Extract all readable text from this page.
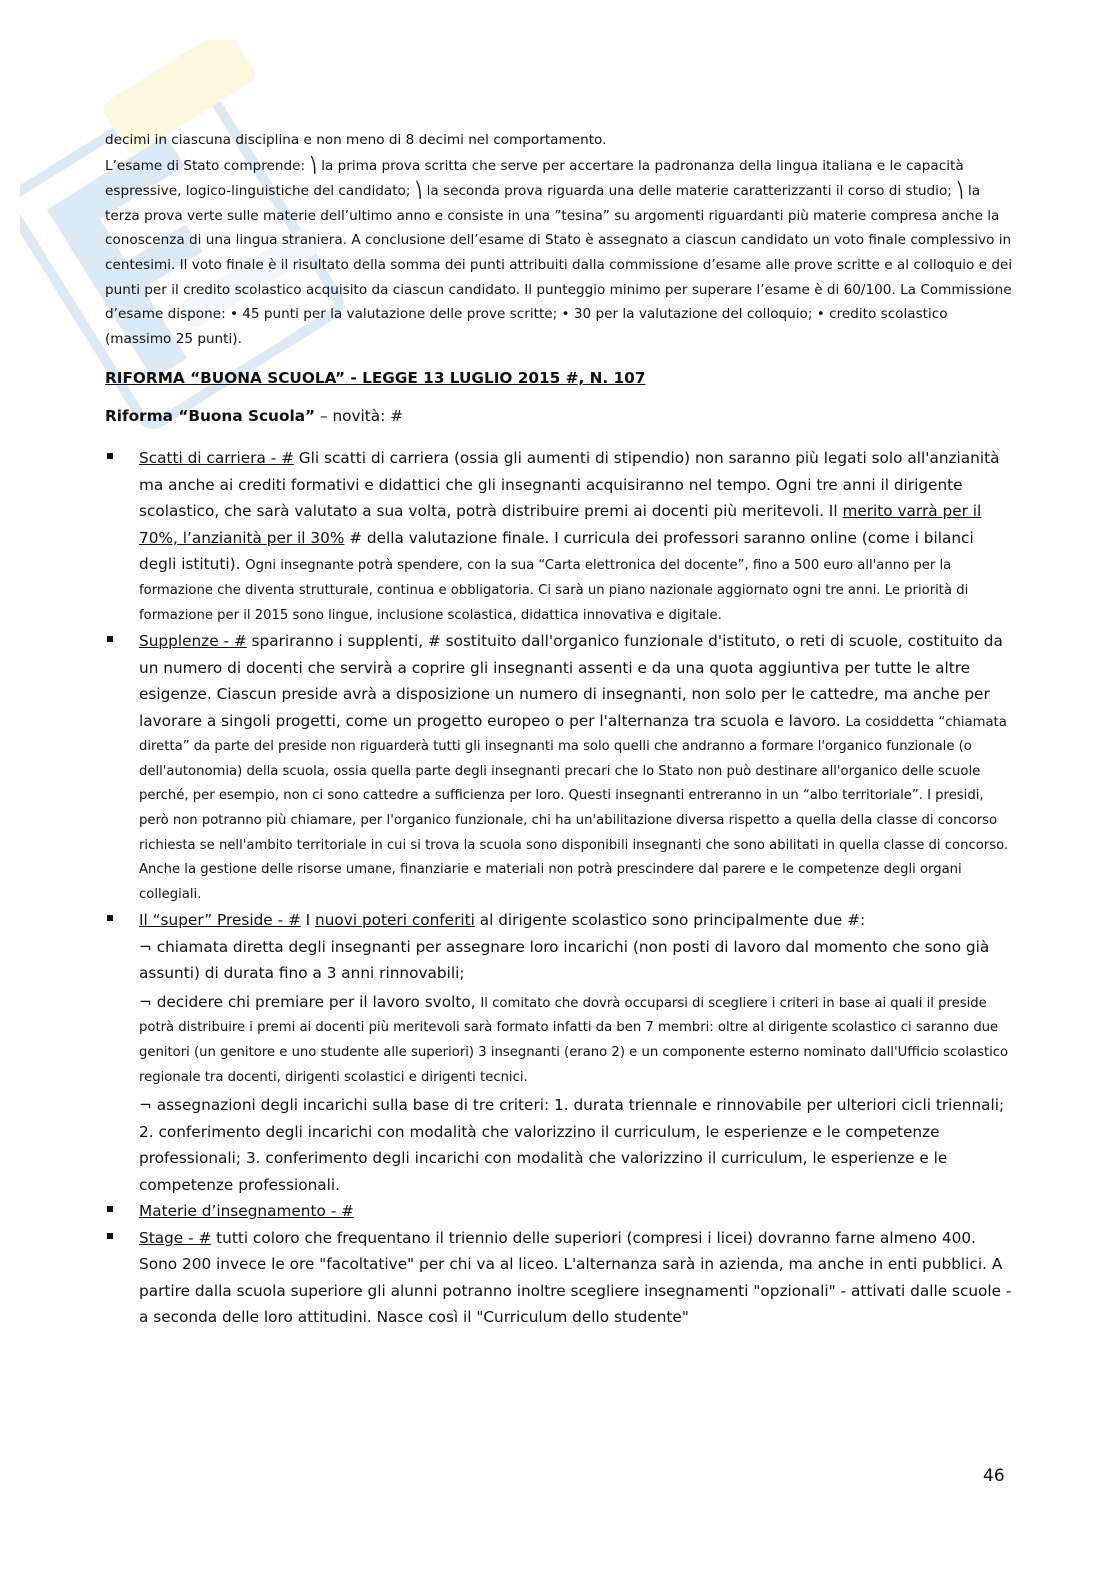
decimi in ciascuna disciplina e non meno di 8 decimi nel comportamento.
L’esame di Stato comprende: ⎞ la prima prova scritta che serve per accertare la padronanza della lingua italiana e le capacità espressive, logico-linguistiche del candidato; ⎞ la seconda prova riguarda una delle materie caratterizzanti il corso di studio; ⎞ la terza prova verte sulle materie dell’ultimo anno e consiste in una ”tesina” su argomenti riguardanti più materie compresa anche la conoscenza di una lingua straniera. A conclusione dell’esame di Stato è assegnato a ciascun candidato un voto finale complessivo in centesimi. Il voto finale è il risultato della somma dei punti attribuiti dalla commissione d’esame alle prove scritte e al colloquio e dei punti per il credito scolastico acquisito da ciascun candidato. Il punteggio minimo per superare l’esame è di 60/100. La Commissione d’esame dispone: • 45 punti per la valutazione delle prove scritte; • 30 per la valutazione del colloquio; • credito scolastico (massimo 25 punti).

RIFORMA “BUONA SCUOLA” - LEGGE 13 LUGLIO 2015 #, N. 107

Riforma “Buona Scuola” – novità: #

Scatti di carriera - # Gli scatti di carriera (ossia gli aumenti di stipendio) non saranno più legati solo all'anzianità ma anche ai crediti formativi e didattici che gli insegnanti acquisiranno nel tempo. Ogni tre anni il dirigente scolastico, che sarà valutato a sua volta, potrà distribuire premi ai docenti più meritevoli. Il merito varrà per il 70%, l’anzianità per il 30% # della valutazione finale. I curricula dei professori saranno online (come i bilanci degli istituti). Ogni insegnante potrà spendere, con la sua “Carta elettronica del docente”, fino a 500 euro all'anno per la formazione che diventa strutturale, continua e obbligatoria. Ci sarà un piano nazionale aggiornato ogni tre anni. Le priorità di formazione per il 2015 sono lingue, inclusione scolastica, didattica innovativa e digitale.
Supplenze - # spariranno i supplenti, # sostituito dall'organico funzionale d'istituto, o reti di scuole, costituito da un numero di docenti che servirà a coprire gli insegnanti assenti e da una quota aggiuntiva per tutte le altre esigenze. Ciascun preside avrà a disposizione un numero di insegnanti, non solo per le cattedre, ma anche per lavorare a singoli progetti, come un progetto europeo o per l'alternanza tra scuola e lavoro. La cosiddetta “chiamata diretta” da parte del preside non riguarderà tutti gli insegnanti ma solo quelli che andranno a formare l'organico funzionale (o dell'autonomia) della scuola, ossia quella parte degli insegnanti precari che lo Stato non può destinare all'organico delle scuole perché, per esempio, non ci sono cattedre a sufficienza per loro. Questi insegnanti entreranno in un “albo territoriale”. I presidi, però non potranno più chiamare, per l'organico funzionale, chi ha un'abilitazione diversa rispetto a quella della classe di concorso richiesta se nell'ambito territoriale in cui si trova la scuola sono disponibili insegnanti che sono abilitati in quella classe di concorso. Anche la gestione delle risorse umane, finanziarie e materiali non potrà prescindere dal parere e le competenze degli organi collegiali.
Il “super” Preside - # I nuovi poteri conferiti al dirigente scolastico sono principalmente due #:
¬ chiamata diretta degli insegnanti per assegnare loro incarichi (non posti di lavoro dal momento che sono già assunti) di durata fino a 3 anni rinnovabili;
¬ decidere chi premiare per il lavoro svolto, Il comitato che dovrà occuparsi di scegliere i criteri in base ai quali il preside potrà distribuire i premi ai docenti più meritevoli sarà formato infatti da ben 7 membri: oltre al dirigente scolastico ci saranno due genitori (un genitore e uno studente alle superiori) 3 insegnanti (erano 2) e un componente esterno nominato dall'Ufficio scolastico regionale tra docenti, dirigenti scolastici e dirigenti tecnici.
¬ assegnazioni degli incarichi sulla base di tre criteri: 1. durata triennale e rinnovabile per ulteriori cicli triennali; 2. conferimento degli incarichi con modalità che valorizzino il curriculum, le esperienze e le competenze professionali; 3. conferimento degli incarichi con modalità che valorizzino il curriculum, le esperienze e le competenze professionali.
Materie d’insegnamento - #
Stage - # tutti coloro che frequentano il triennio delle superiori (compresi i licei) dovranno farne almeno 400. Sono 200 invece le ore "facoltative" per chi va al liceo. L'alternanza sarà in azienda, ma anche in enti pubblici. A partire dalla scuola superiore gli alunni potranno inoltre scegliere insegnamenti "opzionali" - attivati dalle scuole - a seconda delle loro attitudini. Nasce così il "Curriculum dello studente"
46
